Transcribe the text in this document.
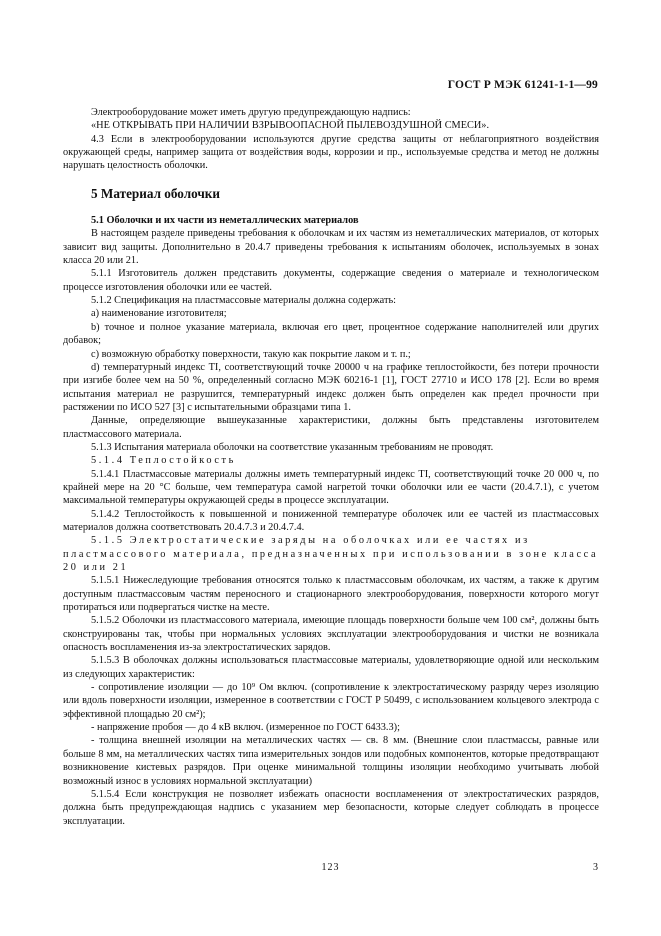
ГОСТ Р МЭК 61241-1-1—99

Электрооборудование может иметь другую предупреждающую надпись:

«НЕ ОТКРЫВАТЬ ПРИ НАЛИЧИИ ВЗРЫВООПАСНОЙ ПЫЛЕВОЗДУШНОЙ СМЕСИ».

4.3 Если в электрооборудовании используются другие средства защиты от неблагоприятного воздействия окружающей среды, например защита от воздействия воды, коррозии и пр., используемые средства и метод не должны нарушать целостность оболочки.

5 Материал оболочки

5.1 Оболочки и их части из неметаллических материалов

В настоящем разделе приведены требования к оболочкам и их частям из неметаллических материалов, от которых зависит вид защиты. Дополнительно в 20.4.7 приведены требования к испытаниям оболочек, используемых в зонах класса 20 или 21.

5.1.1 Изготовитель должен представить документы, содержащие сведения о материале и технологическом процессе изготовления оболочки или ее частей.

5.1.2 Спецификация на пластмассовые материалы должна содержать:

a) наименование изготовителя;

b) точное и полное указание материала, включая его цвет, процентное содержание наполнителей или других добавок;

c) возможную обработку поверхности, такую как покрытие лаком и т. п.;

d) температурный индекс TI, соответствующий точке 20000 ч на графике теплостойкости, без потери прочности при изгибе более чем на 50 %, определенный согласно МЭК 60216-1 [1], ГОСТ 27710 и ИСО 178 [2]. Если во время испытания материал не разрушится, температурный индекс должен быть определен как предел прочности при растяжении по ИСО 527 [3] с испытательными образцами типа 1.

Данные, определяющие вышеуказанные характеристики, должны быть представлены изготовителем пластмассового материала.

5.1.3 Испытания материала оболочки на соответствие указанным требованиям не проводят.

5.1.4 Теплостойкость

5.1.4.1 Пластмассовые материалы должны иметь температурный индекс TI, соответствующий точке 20 000 ч, по крайней мере на 20 °С больше, чем температура самой нагретой точки оболочки или ее части (20.4.7.1), с учетом максимальной температуры окружающей среды в процессе эксплуатации.

5.1.4.2 Теплостойкость к повышенной и пониженной температуре оболочек или ее частей из пластмассовых материалов должна соответствовать 20.4.7.3 и 20.4.7.4.

5.1.5 Электростатические заряды на оболочках или ее частях из пластмассового материала, предназначенных при использовании в зоне класса 20 или 21

5.1.5.1 Нижеследующие требования относятся только к пластмассовым оболочкам, их частям, а также к другим доступным пластмассовым частям переносного и стационарного электрооборудования, поверхности которого могут протираться или подвергаться чистке на месте.

5.1.5.2 Оболочки из пластмассового материала, имеющие площадь поверхности больше чем 100 см², должны быть сконструированы так, чтобы при нормальных условиях эксплуатации электрооборудования и чистки не возникала опасность воспламенения из-за электростатических зарядов.

5.1.5.3 В оболочках должны использоваться пластмассовые материалы, удовлетворяющие одной или нескольким из следующих характеристик:

- сопротивление изоляции — до 10⁹ Ом включ. (сопротивление к электростатическому разряду через изоляцию или вдоль поверхности изоляции, измеренное в соответствии с ГОСТ Р 50499, с использованием кольцевого электрода с эффективной площадью 20 см²);

- напряжение пробоя — до 4 кВ включ. (измеренное по ГОСТ 6433.3);

- толщина внешней изоляции на металлических частях — св. 8 мм. (Внешние слои пластмассы, равные или больше 8 мм, на металлических частях типа измерительных зондов или подобных компонентов, которые предотвращают возникновение кистевых разрядов. При оценке минимальной толщины изоляции необходимо учитывать любой возможный износ в условиях нормальной эксплуатации)

5.1.5.4 Если конструкция не позволяет избежать опасности воспламенения от электростатических разрядов, должна быть предупреждающая надпись с указанием мер безопасности, которые следует соблюдать в процессе эксплуатации.

123	3
